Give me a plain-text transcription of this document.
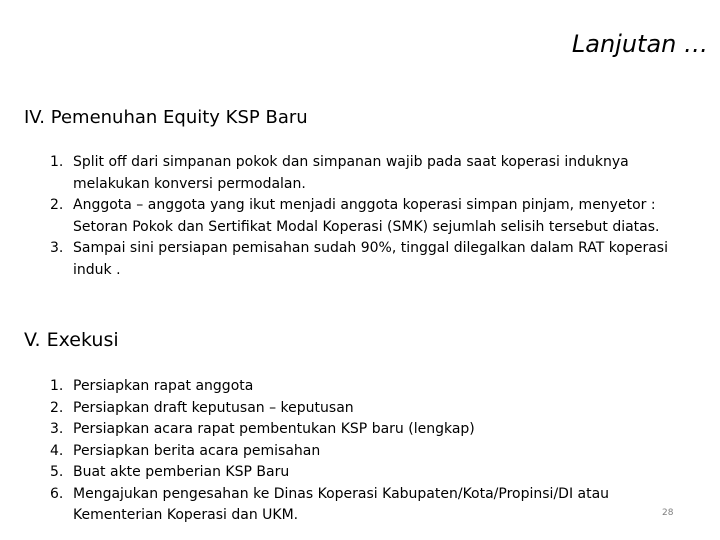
Lanjutan …
IV. Pemenuhan Equity KSP Baru
1. Split off dari simpanan pokok dan simpanan wajib pada saat koperasi induknya melakukan konversi permodalan.
2. Anggota – anggota yang ikut menjadi anggota koperasi simpan pinjam, menyetor : Setoran Pokok dan Sertifikat Modal Koperasi (SMK) sejumlah selisih tersebut diatas.
3. Sampai sini persiapan pemisahan sudah 90%, tinggal dilegalkan dalam RAT koperasi induk .
V. Exekusi
1. Persiapkan rapat anggota
2. Persiapkan draft keputusan – keputusan
3. Persiapkan acara rapat pembentukan KSP baru (lengkap)
4. Persiapkan berita acara pemisahan
5. Buat akte pemberian KSP Baru
6. Mengajukan pengesahan ke Dinas Koperasi Kabupaten/Kota/Propinsi/DI atau Kementerian Koperasi dan UKM.	28
